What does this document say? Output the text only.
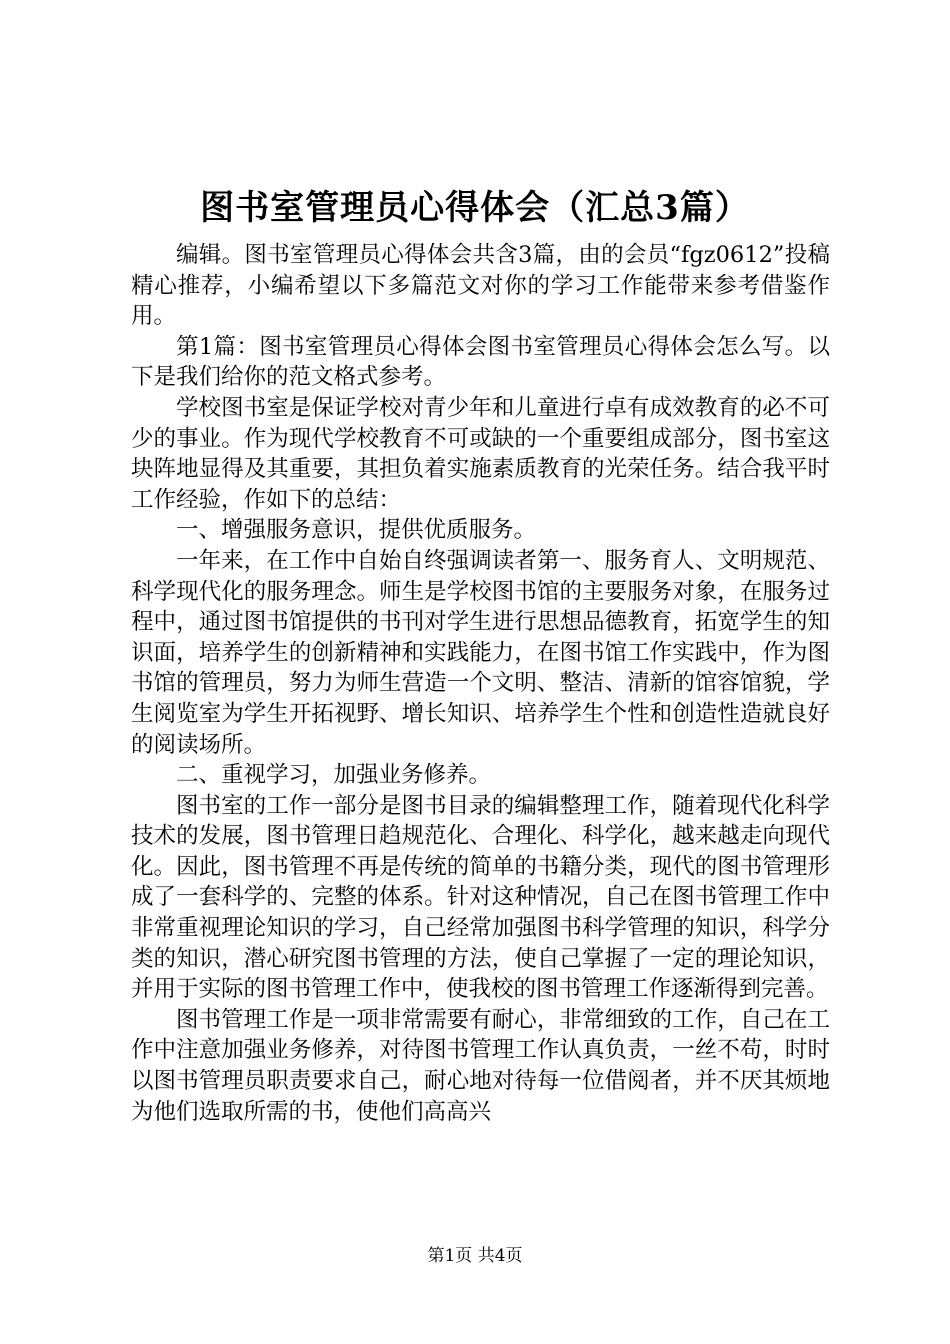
图书室管理员心得体会（汇总3篇）

编辑。图书室管理员心得体会共含3篇，由的会员“fgz0612”投稿精心推荐，小编希望以下多篇范文对你的学习工作能带来参考借鉴作用。

第1篇：图书室管理员心得体会图书室管理员心得体会怎么写。以下是我们给你的范文格式参考。

学校图书室是保证学校对青少年和儿童进行卓有成效教育的必不可少的事业。作为现代学校教育不可或缺的一个重要组成部分，图书室这块阵地显得及其重要，其担负着实施素质教育的光荣任务。结合我平时工作经验，作如下的总结：

一、增强服务意识，提供优质服务。

一年来，在工作中自始自终强调读者第一、服务育人、文明规范、科学现代化的服务理念。师生是学校图书馆的主要服务对象，在服务过程中，通过图书馆提供的书刊对学生进行思想品德教育，拓宽学生的知识面，培养学生的创新精神和实践能力，在图书馆工作实践中，作为图书馆的管理员，努力为师生营造一个文明、整洁、清新的馆容馆貌，学生阅览室为学生开拓视野、增长知识、培养学生个性和创造性造就良好的阅读场所。

二、重视学习，加强业务修养。

图书室的工作一部分是图书目录的编辑整理工作，随着现代化科学技术的发展，图书管理日趋规范化、合理化、科学化，越来越走向现代化。因此，图书管理不再是传统的简单的书籍分类，现代的图书管理形成了一套科学的、完整的体系。针对这种情况，自己在图书管理工作中非常重视理论知识的学习，自己经常加强图书科学管理的知识，科学分类的知识，潜心研究图书管理的方法，使自己掌握了一定的理论知识，并用于实际的图书管理工作中，使我校的图书管理工作逐渐得到完善。

图书管理工作是一项非常需要有耐心，非常细致的工作，自己在工作中注意加强业务修养，对待图书管理工作认真负责，一丝不苟，时时以图书管理员职责要求自己，耐心地对待每一位借阅者，并不厌其烦地为他们选取所需的书，使他们高高兴

第1页 共4页
